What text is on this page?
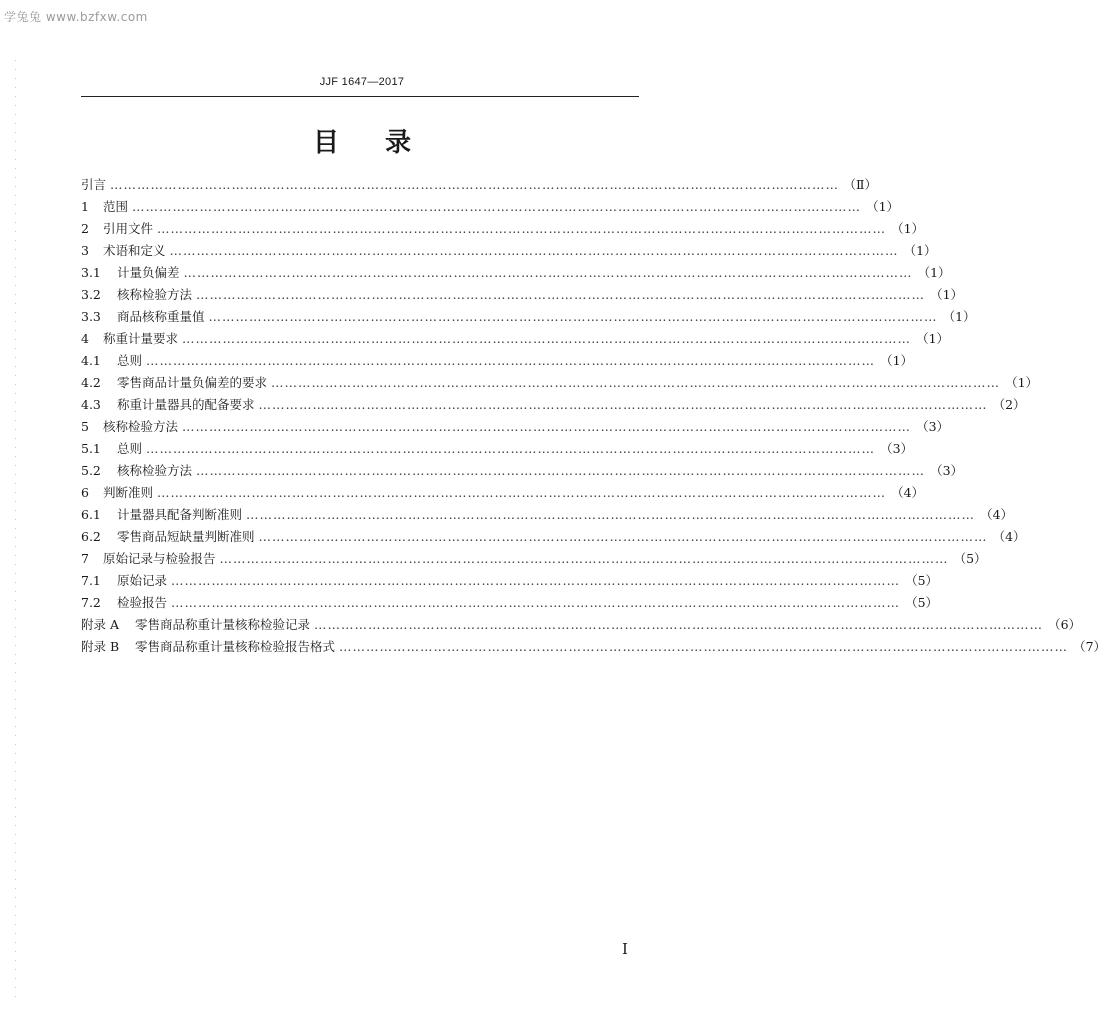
学兔兔 www.bzfxw.com
JJF 1647—2017
目 录
引言 ……………………………………………………………………………………………………………………………………………… （Ⅱ）
1	范围 ……………………………………………………………………………………………………………………………………………… （1）
2	引用文件 ……………………………………………………………………………………………………………………………………………… （1）
3	术语和定义 ……………………………………………………………………………………………………………………………………………… （1）
3.1	计量负偏差 ……………………………………………………………………………………………………………………………………………… （1）
3.2	核称检验方法 ……………………………………………………………………………………………………………………………………………… （1）
3.3	商品核称重量值 ……………………………………………………………………………………………………………………………………………… （1）
4	称重计量要求 ……………………………………………………………………………………………………………………………………………… （1）
4.1	总则 ……………………………………………………………………………………………………………………………………………… （1）
4.2	零售商品计量负偏差的要求 ……………………………………………………………………………………………………………………………………………… （1）
4.3	称重计量器具的配备要求 ……………………………………………………………………………………………………………………………………………… （2）
5	核称检验方法 ……………………………………………………………………………………………………………………………………………… （3）
5.1	总则 ……………………………………………………………………………………………………………………………………………… （3）
5.2	核称检验方法 ……………………………………………………………………………………………………………………………………………… （3）
6	判断准则 ……………………………………………………………………………………………………………………………………………… （4）
6.1	计量器具配备判断准则 ……………………………………………………………………………………………………………………………………………… （4）
6.2	零售商品短缺量判断准则 ……………………………………………………………………………………………………………………………………………… （4）
7	原始记录与检验报告 ……………………………………………………………………………………………………………………………………………… （5）
7.1	原始记录 ……………………………………………………………………………………………………………………………………………… （5）
7.2	检验报告 ……………………………………………………………………………………………………………………………………………… （5）
附录 A	零售商品称重计量核称检验记录 ……………………………………………………………………………………………………………………………………………… （6）
附录 B	零售商品称重计量核称检验报告格式 ……………………………………………………………………………………………………………………………………………… （7）
I
